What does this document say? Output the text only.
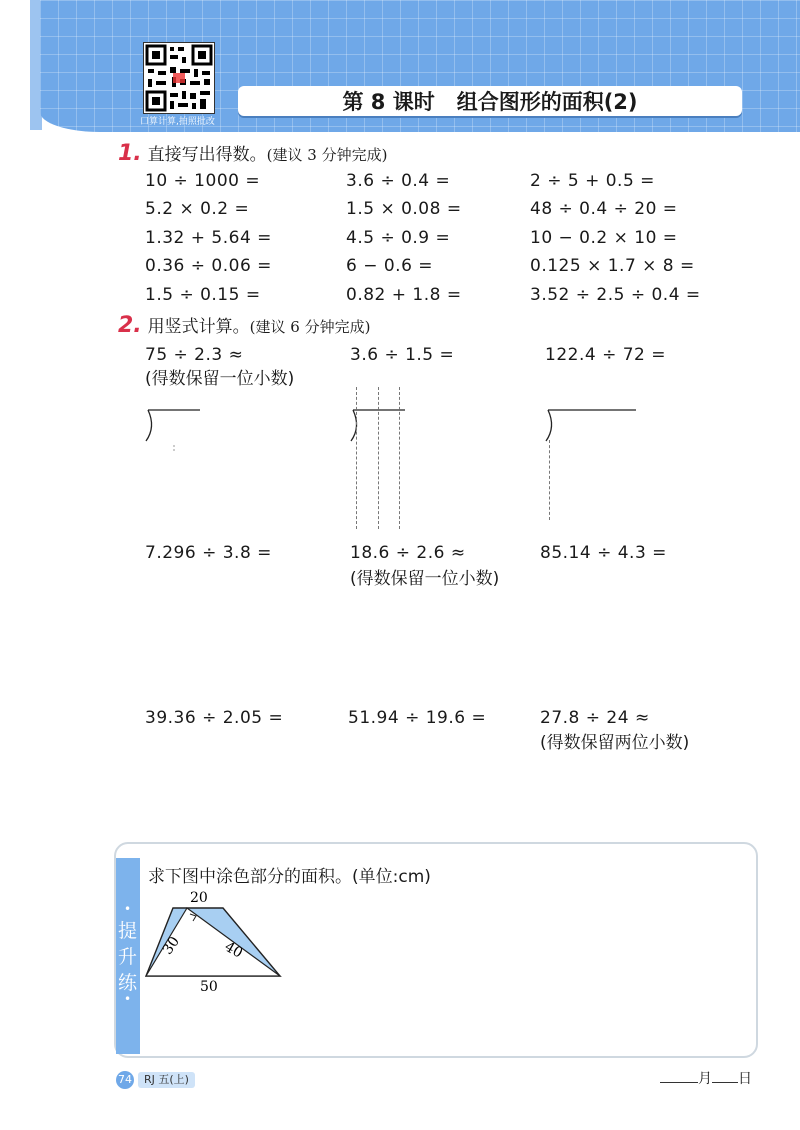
口算计算,拍照批改
第 8 课时 组合图形的面积(2)
1. 直接写出得数。(建议 3 分钟完成)
10 ÷ 1000 =	3.6 ÷ 0.4 =	2 ÷ 5 + 0.5 =
5.2 × 0.2 =	1.5 × 0.08 =	48 ÷ 0.4 ÷ 20 =
1.32 + 5.64 =	4.5 ÷ 0.9 =	10 − 0.2 × 10 =
0.36 ÷ 0.06 =	6 − 0.6 =	0.125 × 1.7 × 8 =
1.5 ÷ 0.15 =	0.82 + 1.8 =	3.52 ÷ 2.5 ÷ 0.4 =
2. 用竖式计算。(建议 6 分钟完成)
75 ÷ 2.3 ≈
(得数保留一位小数)
3.6 ÷ 1.5 =	122.4 ÷ 72 =
7.296 ÷ 3.8 =	18.6 ÷ 2.6 ≈
(得数保留一位小数)
85.14 ÷ 4.3 =
39.36 ÷ 2.05 =	51.94 ÷ 19.6 =	27.8 ÷ 24 ≈
(得数保留两位小数)
•
提
升
练
•
求下图中涂色部分的面积。(单位:cm)
20
30	40
50
74	RJ 五(上)	月 日
